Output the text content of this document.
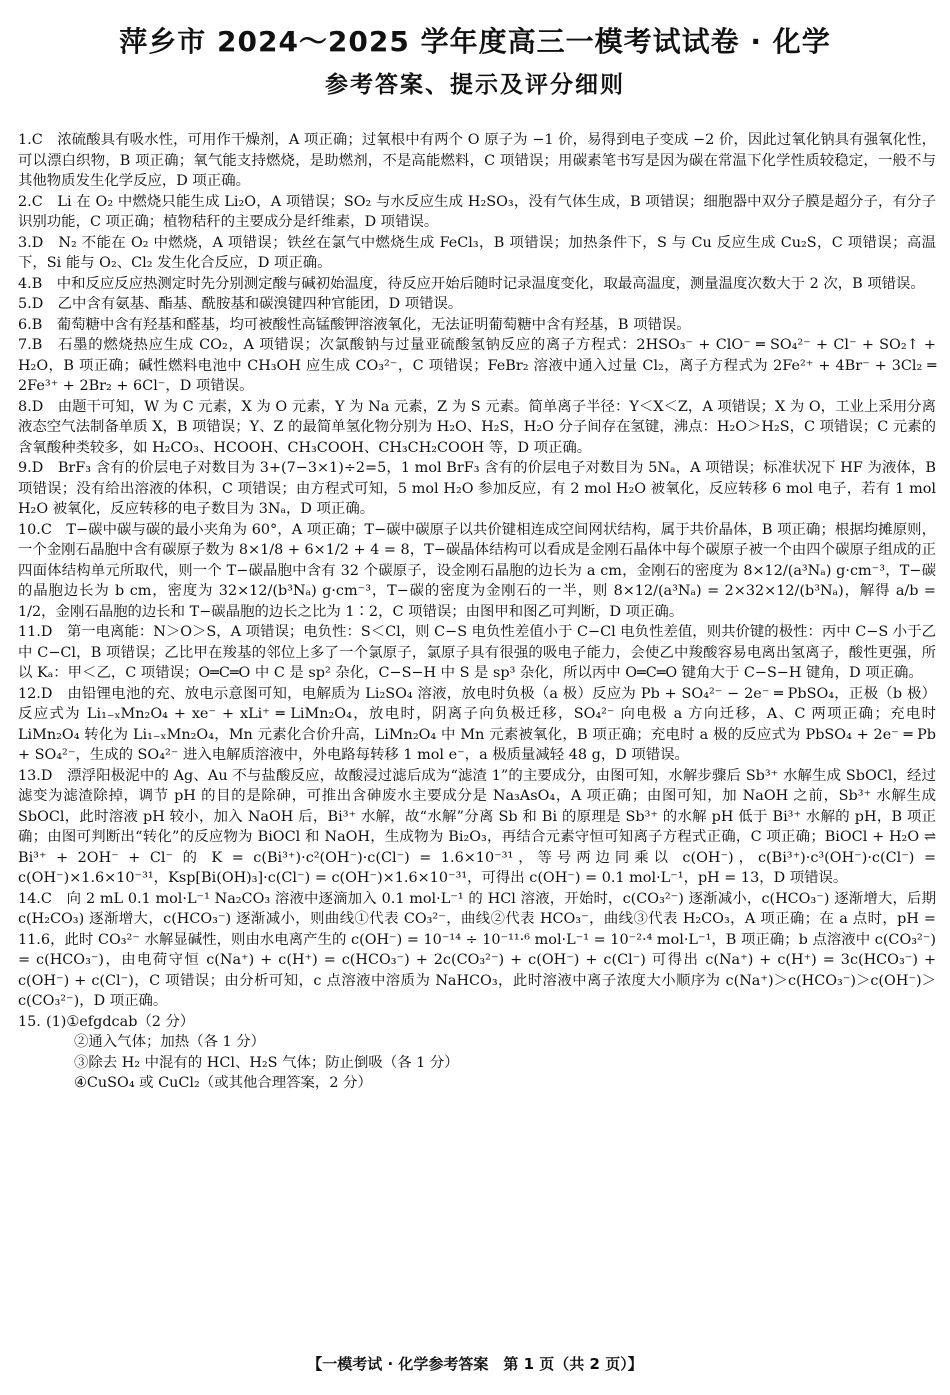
萍乡市 2024～2025 学年度高三一模考试试卷 · 化学
参考答案、提示及评分细则

1.C　浓硫酸具有吸水性，可用作干燥剂，A 项正确；过氧根中有两个 O 原子为 −1 价，易得到电子变成 −2 价，因此过氧化钠具有强氧化性，可以漂白织物，B 项正确；氧气能支持燃烧，是助燃剂，不是高能燃料，C 项错误；用碳素笔书写是因为碳在常温下化学性质较稳定，一般不与其他物质发生化学反应，D 项正确。

2.C　Li 在 O₂ 中燃烧只能生成 Li₂O，A 项错误；SO₂ 与水反应生成 H₂SO₃，没有气体生成，B 项错误；细胞器中双分子膜是超分子，有分子识别功能，C 项正确；植物秸秆的主要成分是纤维素，D 项错误。

3.D　N₂ 不能在 O₂ 中燃烧，A 项错误；铁丝在氯气中燃烧生成 FeCl₃，B 项错误；加热条件下，S 与 Cu 反应生成 Cu₂S，C 项错误；高温下，Si 能与 O₂、Cl₂ 发生化合反应，D 项正确。

4.B　中和反应反应热测定时先分别测定酸与碱初始温度，待反应开始后随时记录温度变化，取最高温度，测量温度次数大于 2 次，B 项错误。

5.D　乙中含有氨基、酯基、酰胺基和碳溴键四种官能团，D 项错误。

6.B　葡萄糖中含有羟基和醛基，均可被酸性高锰酸钾溶液氧化，无法证明葡萄糖中含有羟基，B 项错误。

7.B　石墨的燃烧热应生成 CO₂，A 项错误；次氯酸钠与过量亚硫酸氢钠反应的离子方程式：2HSO₃⁻ + ClO⁻ ═ SO₄²⁻ + Cl⁻ + SO₂↑ + H₂O，B 项正确；碱性燃料电池中 CH₃OH 应生成 CO₃²⁻，C 项错误；FeBr₂ 溶液中通入过量 Cl₂，离子方程式为 2Fe²⁺ + 4Br⁻ + 3Cl₂ ═ 2Fe³⁺ + 2Br₂ + 6Cl⁻，D 项错误。

8.D　由题干可知，W 为 C 元素，X 为 O 元素，Y 为 Na 元素，Z 为 S 元素。简单离子半径：Y＜X＜Z，A 项错误；X 为 O，工业上采用分离液态空气法制备单质 X，B 项错误；Y、Z 的最简单氢化物分别为 H₂O、H₂S，H₂O 分子间存在氢键，沸点：H₂O＞H₂S，C 项错误；C 元素的含氧酸种类较多，如 H₂CO₃、HCOOH、CH₃COOH、CH₃CH₂COOH 等，D 项正确。

9.D　BrF₃ 含有的价层电子对数目为 3+(7−3×1)÷2=5，1 mol BrF₃ 含有的价层电子对数目为 5Nₐ，A 项错误；标准状况下 HF 为液体，B 项错误；没有给出溶液的体积，C 项错误；由方程式可知，5 mol H₂O 参加反应，有 2 mol H₂O 被氧化，反应转移 6 mol 电子，若有 1 mol H₂O 被氧化，反应转移的电子数目为 3Nₐ，D 项正确。

10.C　T−碳中碳与碳的最小夹角为 60°，A 项正确；T−碳中碳原子以共价键相连成空间网状结构，属于共价晶体，B 项正确；根据均摊原则，一个金刚石晶胞中含有碳原子数为 8×1/8 + 6×1/2 + 4 = 8，T−碳晶体结构可以看成是金刚石晶体中每个碳原子被一个由四个碳原子组成的正四面体结构单元所取代，则一个 T−碳晶胞中含有 32 个碳原子，设金刚石晶胞的边长为 a cm，金刚石的密度为 8×12/(a³Nₐ) g·cm⁻³，T−碳的晶胞边长为 b cm，密度为 32×12/(b³Nₐ) g·cm⁻³，T−碳的密度为金刚石的一半，则 8×12/(a³Nₐ) = 2×32×12/(b³Nₐ)，解得 a/b = 1/2，金刚石晶胞的边长和 T−碳晶胞的边长之比为 1∶2，C 项错误；由图甲和图乙可判断，D 项正确。

11.D　第一电离能：N＞O＞S，A 项错误；电负性：S＜Cl，则 C−S 电负性差值小于 C−Cl 电负性差值，则共价键的极性：丙中 C−S 小于乙中 C−Cl，B 项错误；乙比甲在羧基的邻位上多了一个氯原子，氯原子具有很强的吸电子能力，会使乙中羧酸容易电离出氢离子，酸性更强，所以 Kₐ：甲＜乙，C 项错误；O═C═O 中 C 是 sp² 杂化，C−S−H 中 S 是 sp³ 杂化，所以丙中 O═C═O 键角大于 C−S−H 键角，D 项正确。

12.D　由铅锂电池的充、放电示意图可知，电解质为 Li₂SO₄ 溶液，放电时负极（a 极）反应为 Pb + SO₄²⁻ − 2e⁻ ═ PbSO₄，正极（b 极）反应式为 Li₁₋ₓMn₂O₄ + xe⁻ + xLi⁺ ═ LiMn₂O₄，放电时，阴离子向负极迁移，SO₄²⁻ 向电极 a 方向迁移，A、C 两项正确；充电时 LiMn₂O₄ 转化为 Li₁₋ₓMn₂O₄，Mn 元素化合价升高，LiMn₂O₄ 中 Mn 元素被氧化，B 项正确；充电时 a 极的反应式为 PbSO₄ + 2e⁻ ═ Pb + SO₄²⁻，生成的 SO₄²⁻ 进入电解质溶液中，外电路每转移 1 mol e⁻，a 极质量减轻 48 g，D 项错误。

13.D　漂浮阳极泥中的 Ag、Au 不与盐酸反应，故酸浸过滤后成为“滤渣 1”的主要成分，由图可知，水解步骤后 Sb³⁺ 水解生成 SbOCl，经过滤变为滤渣除掉，调节 pH 的目的是除砷，可推出含砷废水主要成分是 Na₃AsO₄，A 项正确；由图可知，加 NaOH 之前，Sb³⁺ 水解生成 SbOCl，此时溶液 pH 较小，加入 NaOH 后，Bi³⁺ 水解，故“水解”分离 Sb 和 Bi 的原理是 Sb³⁺ 的水解 pH 低于 Bi³⁺ 水解的 pH，B 项正确；由图可判断出“转化”的反应物为 BiOCl 和 NaOH，生成物为 Bi₂O₃，再结合元素守恒可知离子方程式正确，C 项正确；BiOCl + H₂O ⇌ Bi³⁺ + 2OH⁻ + Cl⁻ 的 K = c(Bi³⁺)·c²(OH⁻)·c(Cl⁻) = 1.6×10⁻³¹，等号两边同乘以 c(OH⁻)，c(Bi³⁺)·c³(OH⁻)·c(Cl⁻) = c(OH⁻)×1.6×10⁻³¹，Ksp[Bi(OH)₃]·c(Cl⁻) = c(OH⁻)×1.6×10⁻³¹，可得出 c(OH⁻) = 0.1 mol·L⁻¹，pH = 13，D 项错误。

14.C　向 2 mL 0.1 mol·L⁻¹ Na₂CO₃ 溶液中逐滴加入 0.1 mol·L⁻¹ 的 HCl 溶液，开始时，c(CO₃²⁻) 逐渐减小，c(HCO₃⁻) 逐渐增大，后期 c(H₂CO₃) 逐渐增大，c(HCO₃⁻) 逐渐减小，则曲线①代表 CO₃²⁻，曲线②代表 HCO₃⁻，曲线③代表 H₂CO₃，A 项正确；在 a 点时，pH = 11.6，此时 CO₃²⁻ 水解显碱性，则由水电离产生的 c(OH⁻) = 10⁻¹⁴ ÷ 10⁻¹¹·⁶ mol·L⁻¹ = 10⁻²·⁴ mol·L⁻¹，B 项正确；b 点溶液中 c(CO₃²⁻) = c(HCO₃⁻)，由电荷守恒 c(Na⁺) + c(H⁺) = c(HCO₃⁻) + 2c(CO₃²⁻) + c(OH⁻) + c(Cl⁻) 可得出 c(Na⁺) + c(H⁺) = 3c(HCO₃⁻) + c(OH⁻) + c(Cl⁻)，C 项错误；由分析可知，c 点溶液中溶质为 NaHCO₃，此时溶液中离子浓度大小顺序为 c(Na⁺)＞c(HCO₃⁻)＞c(OH⁻)＞c(CO₃²⁻)，D 项正确。

15. (1)①efgdcab（2 分）

②通入气体；加热（各 1 分）

③除去 H₂ 中混有的 HCl、H₂S 气体；防止倒吸（各 1 分）

④CuSO₄ 或 CuCl₂（或其他合理答案，2 分）

【一模考试 · 化学参考答案　第 1 页（共 2 页）】
